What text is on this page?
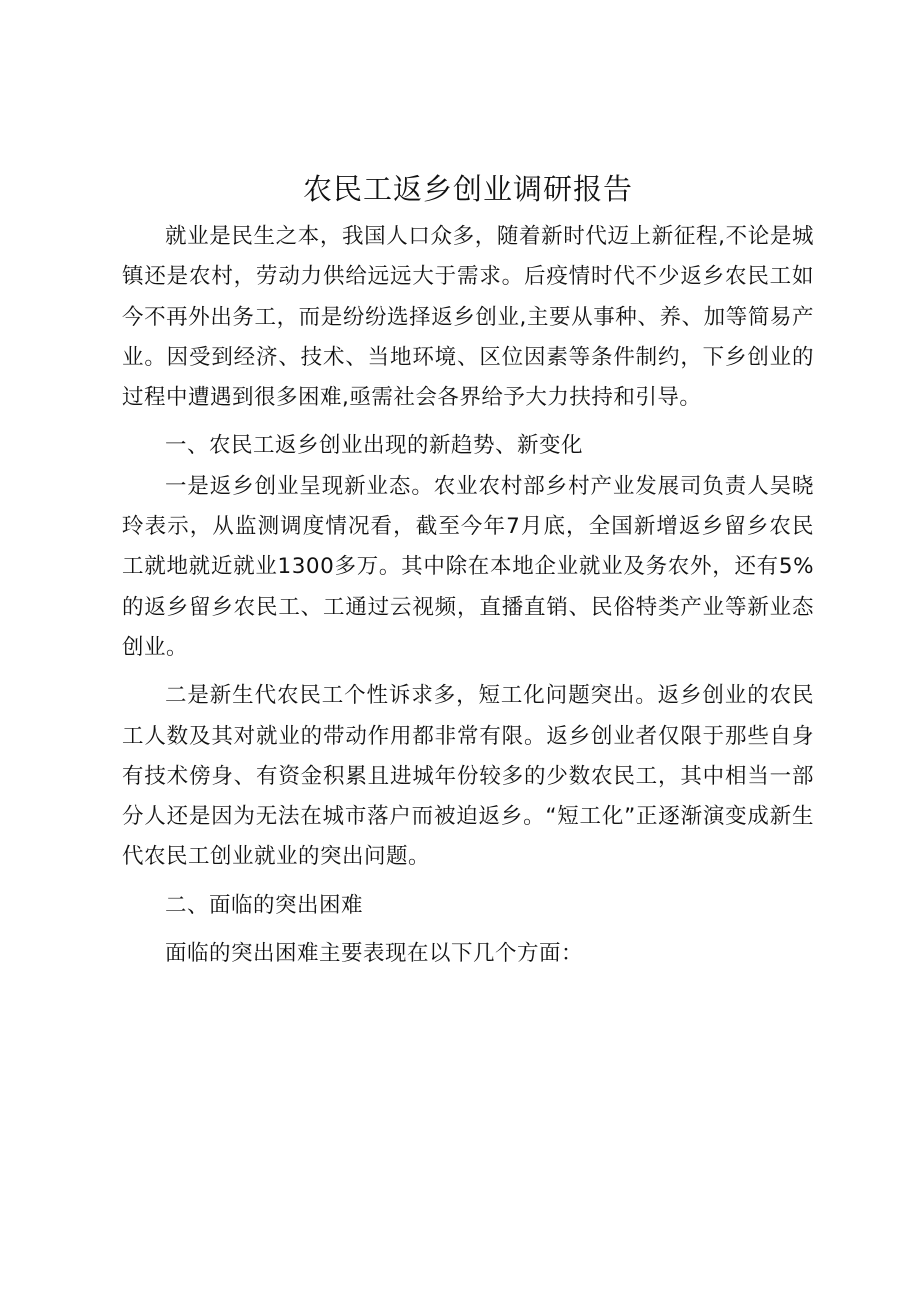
农民工返乡创业调研报告

就业是民生之本，我国人口众多，随着新时代迈上新征程,不论是城镇还是农村，劳动力供给远远大于需求。后疫情时代不少返乡农民工如今不再外出务工，而是纷纷选择返乡创业,主要从事种、养、加等简易产业。因受到经济、技术、当地环境、区位因素等条件制约，下乡创业的过程中遭遇到很多困难,亟需社会各界给予大力扶持和引导。

一、农民工返乡创业出现的新趋势、新变化

一是返乡创业呈现新业态。农业农村部乡村产业发展司负责人吴晓玲表示，从监测调度情况看，截至今年7月底，全国新增返乡留乡农民工就地就近就业1300多万。其中除在本地企业就业及务农外，还有5%的返乡留乡农民工、工通过云视频，直播直销、民俗特类产业等新业态创业。

二是新生代农民工个性诉求多，短工化问题突出。返乡创业的农民工人数及其对就业的带动作用都非常有限。返乡创业者仅限于那些自身有技术傍身、有资金积累且进城年份较多的少数农民工，其中相当一部分人还是因为无法在城市落户而被迫返乡。“短工化”正逐渐演变成新生代农民工创业就业的突出问题。

二、面临的突出困难

面临的突出困难主要表现在以下几个方面：
